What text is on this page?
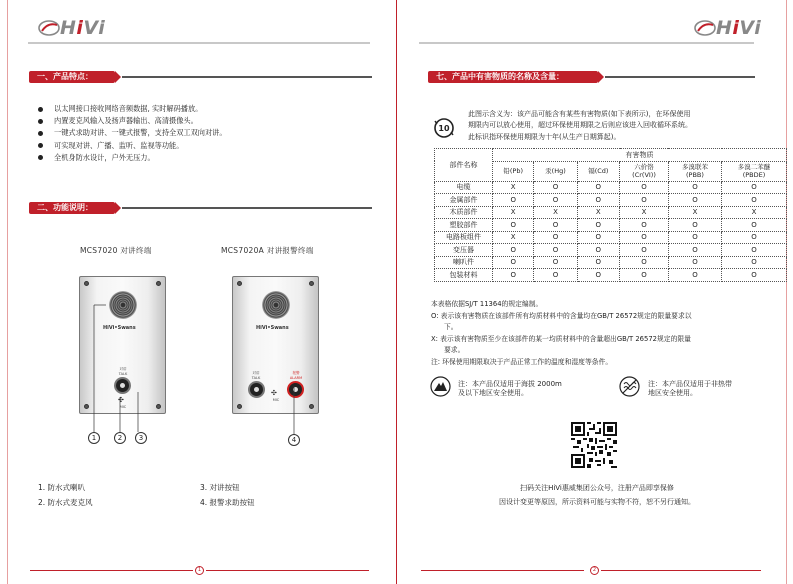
HiVi
一、产品特点：
以太网接口接收网络音频数据, 实时解码播放。
内置麦克风输入及扬声器输出、高清摄像头。
一键式求助对讲、一键式报警，支持全双工双向对讲。
可实现对讲、广播、监听、监视等功能。
全机身防水设计，户外无压力。
二、功能说明：
MCS7020 对讲终端	MCS7020A 对讲报警终端
HiVi•Swans
对讲
TALK
✣
MIC
HiVi•Swans
对讲
TALK
报警
ALARM
✣
MIC
1	2	3	4
1. 防水式喇叭
2. 防水式麦克风
3. 对讲按钮
4. 报警求助按钮
1
HiVi
七、产品中有害物质的名称及含量：
10
此图示含义为：该产品可能含有某些有害物质(如下表所示)，在环保使用
期限内可以放心使用，超过环保使用期限之后则应该进入回收循环系统。
此标识指环保使用期限为十年(从生产日期算起)。
部件名称	有害物质					
	铅(Pb)	汞(Hg)	镉(Cd)	六价铬
(Cr(VI))	多溴联苯
(PBB)	多溴二苯醚
(PBDE)
电缆	X	O	O	O	O	O
金属部件	O	O	O	O	O	O
木质部件	X	X	X	X	X	X
塑胶部件	O	O	O	O	O	O
电路板组件	X	O	O	O	O	O
变压器	O	O	O	O	O	O
喇叭件	O	O	O	O	O	O
包装材料	O	O	O	O	O	O
本表格依据SJ/T 11364的规定编制。
O: 表示该有害物质在该部件所有均质材料中的含量均在GB/T 26572规定的限量要求以
下。
X: 表示该有害物质至少在该部件的某一均质材料中的含量超出GB/T 26572规定的限量
要求。
注: 环保使用期限取决于产品正常工作的温度和湿度等条件。
注：本产品仅适用于海拔 2000m
及以下地区安全使用。
注：本产品仅适用于非热带
地区安全使用。
扫码关注HiVi惠威集团公众号，注册产品即享保修
因设计变更等原因，所示资料可能与实物不符，恕不另行通知。
2
